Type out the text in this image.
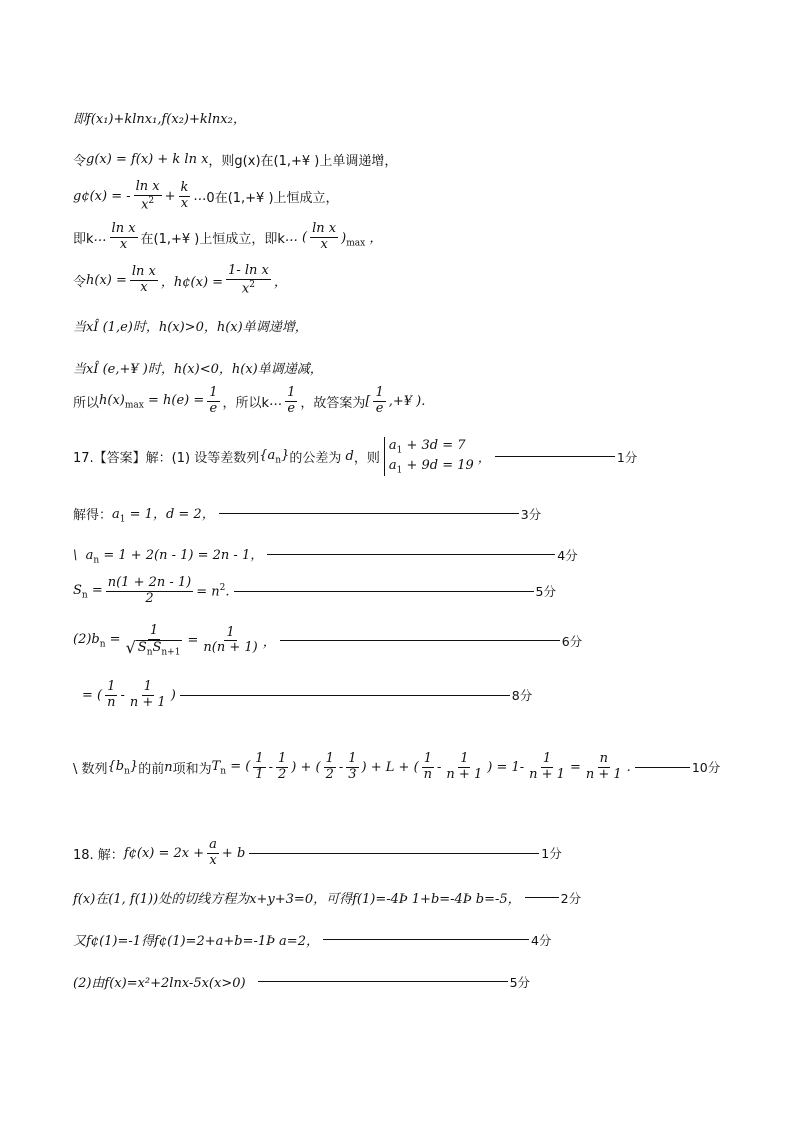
即f(x₁)+klnx₁,f(x₂)+klnx₂，
令 g(x) = f(x) + k ln x ，则g(x)在(1,+¥ )上单调递增，
g¢(x) = - $\frac{\text{ln x}}{x^2} + \frac{k}{x}$ … 0在(1,+¥ )上恒成立，
即k … $\frac{\text{ln x}}{x}$ 在(1,+¥ )上恒成立，即k … ( $\frac{\text{ln x}}{x} )_{max}$ ，
令 $h(x) = \frac{\text{ln x}}{x}$ ，h¢(x) = $\frac{\text{1- ln x}}{x^2}$ ，
当xÎ (1,e)时，h(x)>0，h(x)单调递增，
当xÎ (e,+¥ )时，h(x)<0，h(x)单调递减，
所以 $h(x)_{max} = h(e) = \frac{1}{e}$ ，所以k … $\frac{1}{e}$ ，故答案为 [ $\frac{1}{e}$ ,+¥ ).
17.【答案】解：(1) 设等差数列 $\{a_n\}$ 的公差为 d ，则
$a_1 + 3d = 7$
$a_1 + 9d = 19$ ，	1分
解得： $a_1 = 1$，d = 2，	3分
\  $a_n = 1 + 2(n - 1) = 2n - 1$，	4分
$S_n = \frac{n(1 + 2n - 1)}{2} = n^2$.	5分
$(2)b_n = \frac{1}{√ S_nS_{n+1}} = \frac{1}{n(n + 1)}$ ，	6分
= ( $\frac{1}{n} - \frac{1}{n + 1}$ )	8分
\ 数列 $\{b_n\}$ 的前 n 项和为 $T_n$ = ( $\frac{1}{1} - \frac{1}{2}$ ) + ( $\frac{1}{2} - \frac{1}{3}$ ) + L + ( $\frac{1}{n} - \frac{1}{n + 1}$ ) = $1- \frac{1}{n + 1} = \frac{n}{n + 1}$ .	10分
18. 解： f¢(x) = $2x + \frac{a}{x} + b$	1分
f(x)在(1, f(1))处的切线方程为x+y+3=0，可得f(1)=-4Þ 1+b=-4Þ b=-5，	2分
又f¢(1)=-1得f¢(1)=2+a+b=-1Þ a=2，	4分
(2)由f(x)=x²+2lnx-5x(x>0)	5分
